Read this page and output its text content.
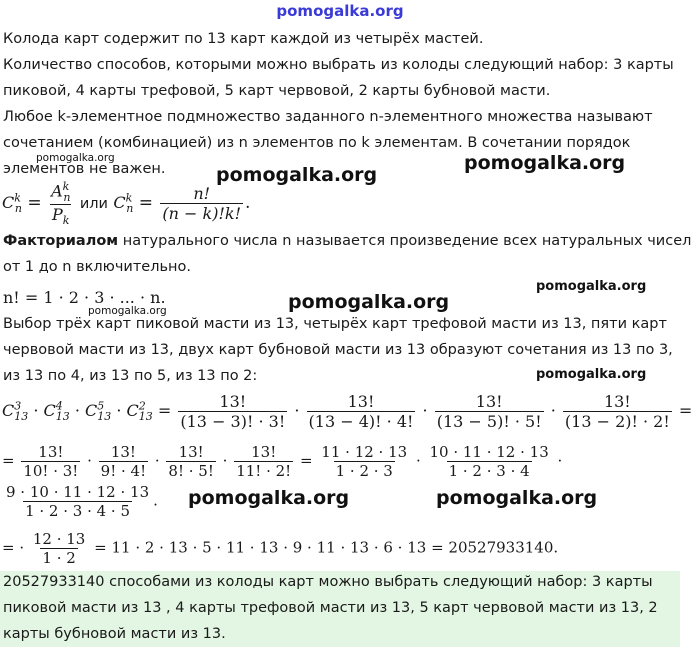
pomogalka.org
Колода карт содержит по 13 карт каждой из четырёх мастей.
Количество способов, которыми можно выбрать из колоды следующий набор: 3 карты
пиковой, 4 карты трефовой, 5 карт червовой, 2 карты бубновой масти.
Любое k-элементное подмножество заданного n-элементного множества называют
сочетанием (комбинацией) из n элементов по k элементам. В сочетании порядок
элементов не важен.
$C^k_n = \frac{A^k_n}{P_k}$ или $C^k_n = \frac{n!}{(n - k)!k!}$ .
Факториалом натурального числа n называется произведение всех натуральных чисел
от 1 до n включительно.
n! = 1 · 2 · 3 · ... · n.
Выбор трёх карт пиковой масти из 13, четырёх карт трефовой масти из 13, пяти карт
червовой масти из 13, двух карт бубновой масти из 13 образуют сочетания из 13 по 3,
из 13 по 4, из 13 по 5, из 13 по 2:
$C^3_{13} \cdot C^4_{13} \cdot C^5_{13} \cdot C^2_{13} = \frac{13!}{(13 - 3)! \cdot 3!} \cdot \frac{13!}{(13 - 4)! \cdot 4!} \cdot \frac{13!}{(13 - 5)! \cdot 5!} \cdot \frac{13!}{(13 - 2)! \cdot 2!}$ =
= $\frac{13!}{10! \cdot 3!} \cdot \frac{13!}{9! \cdot 4!} \cdot \frac{13!}{8! \cdot 5!} \cdot \frac{13!}{11! \cdot 2!} = \frac{11 \cdot 12 \cdot 13}{1 \cdot 2 \cdot 3} \cdot \frac{10 \cdot 11 \cdot 12 \cdot 13}{1 \cdot 2 \cdot 3 \cdot 4}$ ·
$\frac{9 \cdot 10 \cdot 11 \cdot 12 \cdot 13}{1 \cdot 2 \cdot 3 \cdot 4 \cdot 5}$ .
= · $\frac{12 \cdot 13}{1 \cdot 2} = 11 \cdot 2 \cdot 13 \cdot 5 \cdot 11 \cdot 13 \cdot 9 \cdot 11 \cdot 13 \cdot 6 \cdot 13 = 20527933140$.
20527933140 способами из колоды карт можно выбрать следующий набор: 3 карты
пиковой масти из 13 , 4 карты трефовой масти из 13, 5 карт червовой масти из 13, 2
карты бубновой масти из 13.
pomogalka.org
pomogalka.org
pomogalka.org
pomogalka.org
pomogalka.org
pomogalka.org
pomogalka.org
pomogalka.org	pomogalka.org
